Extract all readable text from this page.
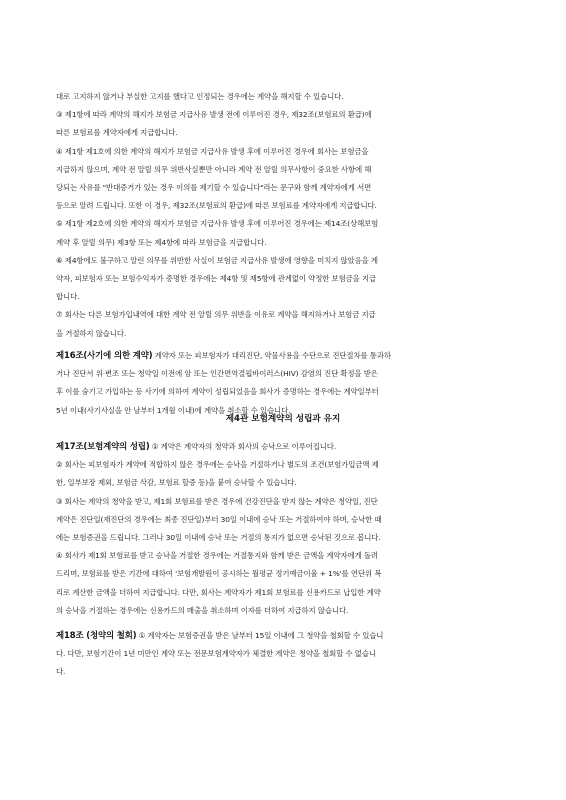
대로 고지하지 않거나 부실한 고지를 했다고 인정되는 경우에는 계약을 해지할 수 있습니다.

③ 제1항에 따라 계약의 해지가 보험금 지급사유 발생 전에 이루어진 경우, 제32조(보험료의 환급)에

따른 보험료를 계약자에게 지급합니다.

④ 제1항 제1호에 의한 계약의 해지가 보험금 지급사유 발생 후에 이루어진 경우에 회사는 보험금을

지급하지 않으며, 계약 전 알릴 의무 위반사실뿐만 아니라 계약 전 알릴 의무사항이 중요한 사항에 해

당되는 사유를 "반대증거가 있는 경우 이의를 제기할 수 있습니다"라는 문구와 함께 계약자에게 서면

등으로 알려 드립니다. 또한 이 경우, 제32조(보험료의 환급)에 따른 보험료를 계약자에게 지급합니다.

⑤ 제1항 제2호에 의한 계약의 해지가 보험금 지급사유 발생 후에 이루어진 경우에는 제14조(상해보험

계약 후 알릴 의무) 제3항 또는 제4항에 따라 보험금을 지급합니다.

⑥ 제4항에도 불구하고 알린 의무를 위반한 사실이 보험금 지급사유 발생에 영향을 미치지 않았음을 계

약자, 피보험자 또는 보험수익자가 증명한 경우에는 제4항 및 제5항에 관계없이 약정한 보험금을 지급

합니다.

⑦ 회사는 다른 보험가입내역에 대한 계약 전 알릴 의무 위반을 이유로 계약을 해지하거나 보험금 지급

을 거절하지 않습니다.

제16조(사기에 의한 계약) 계약자 또는 피보험자가 대리진단, 약물사용을 수단으로 진단절차를 통과하

거나 진단서 위·변조 또는 청약일 이전에 암 또는 인간면역결핍바이러스(HIV) 감염의 진단 확정을 받은

후 이를 숨기고 가입하는 등 사기에 의하여 계약이 성립되었음을 회사가 증명하는 경우에는 계약일부터

5년 이내(사기사실을 안 날부터 1개월 이내)에 계약을 취소할 수 있습니다.

제4관 보험계약의 성립과 유지

제17조(보험계약의 성립) ① 계약은 계약자의 청약과 회사의 승낙으로 이루어집니다.

② 회사는 피보험자가 계약에 적합하지 않은 경우에는 승낙을 거절하거나 별도의 조건(보험가입금액 제

한, 일부보장 제외, 보험금 삭감, 보험료 할증 등)을 붙여 승낙할 수 있습니다.

③ 회사는 계약의 청약을 받고, 제1회 보험료를 받은 경우에 건강진단을 받지 않는 계약은 청약일, 진단

계약은 진단일(재진단의 경우에는 최종 진단일)부터 30일 이내에 승낙 또는 거절하여야 하며, 승낙한 때

에는 보험증권을 드립니다. 그러나 30일 이내에 승낙 또는 거절의 통지가 없으면 승낙된 것으로 봅니다.

④ 회사가 제1회 보험료를 받고 승낙을 거절한 경우에는 거절통지와 함께 받은 금액을 계약자에게 돌려

드리며, 보험료를 받은 기간에 대하여 '보험개발원이 공시하는 월평균 정기예금이율 + 1%'를 연단위 복

리로 계산한 금액을 더하여 지급합니다. 다만, 회사는 계약자가 제1회 보험료를 신용카드로 납입한 계약

의 승낙을 거절하는 경우에는 신용카드의 매출을 취소하며 이자를 더하여 지급하지 않습니다.

제18조 (청약의 철회) ① 계약자는 보험증권을 받은 날부터 15일 이내에 그 청약을 철회할 수 있습니

다. 다만, 보험기간이 1년 미만인 계약 또는 전문보험계약자가 체결한 계약은 청약을 철회할 수 없습니

다.
